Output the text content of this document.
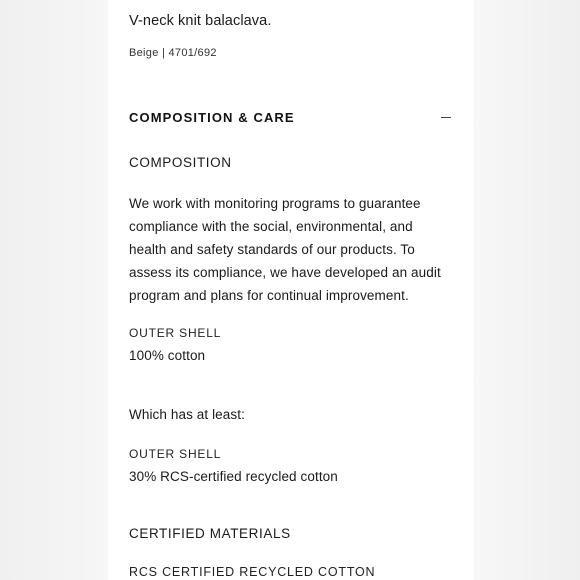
V-neck knit balaclava.

Beige | 4701/692

COMPOSITION & CARE

COMPOSITION

We work with monitoring programs to guarantee compliance with the social, environmental, and health and safety standards of our products. To assess its compliance, we have developed an audit program and plans for continual improvement.

OUTER SHELL

100% cotton

Which has at least:

OUTER SHELL

30% RCS-certified recycled cotton

CERTIFIED MATERIALS

RCS CERTIFIED RECYCLED COTTON
